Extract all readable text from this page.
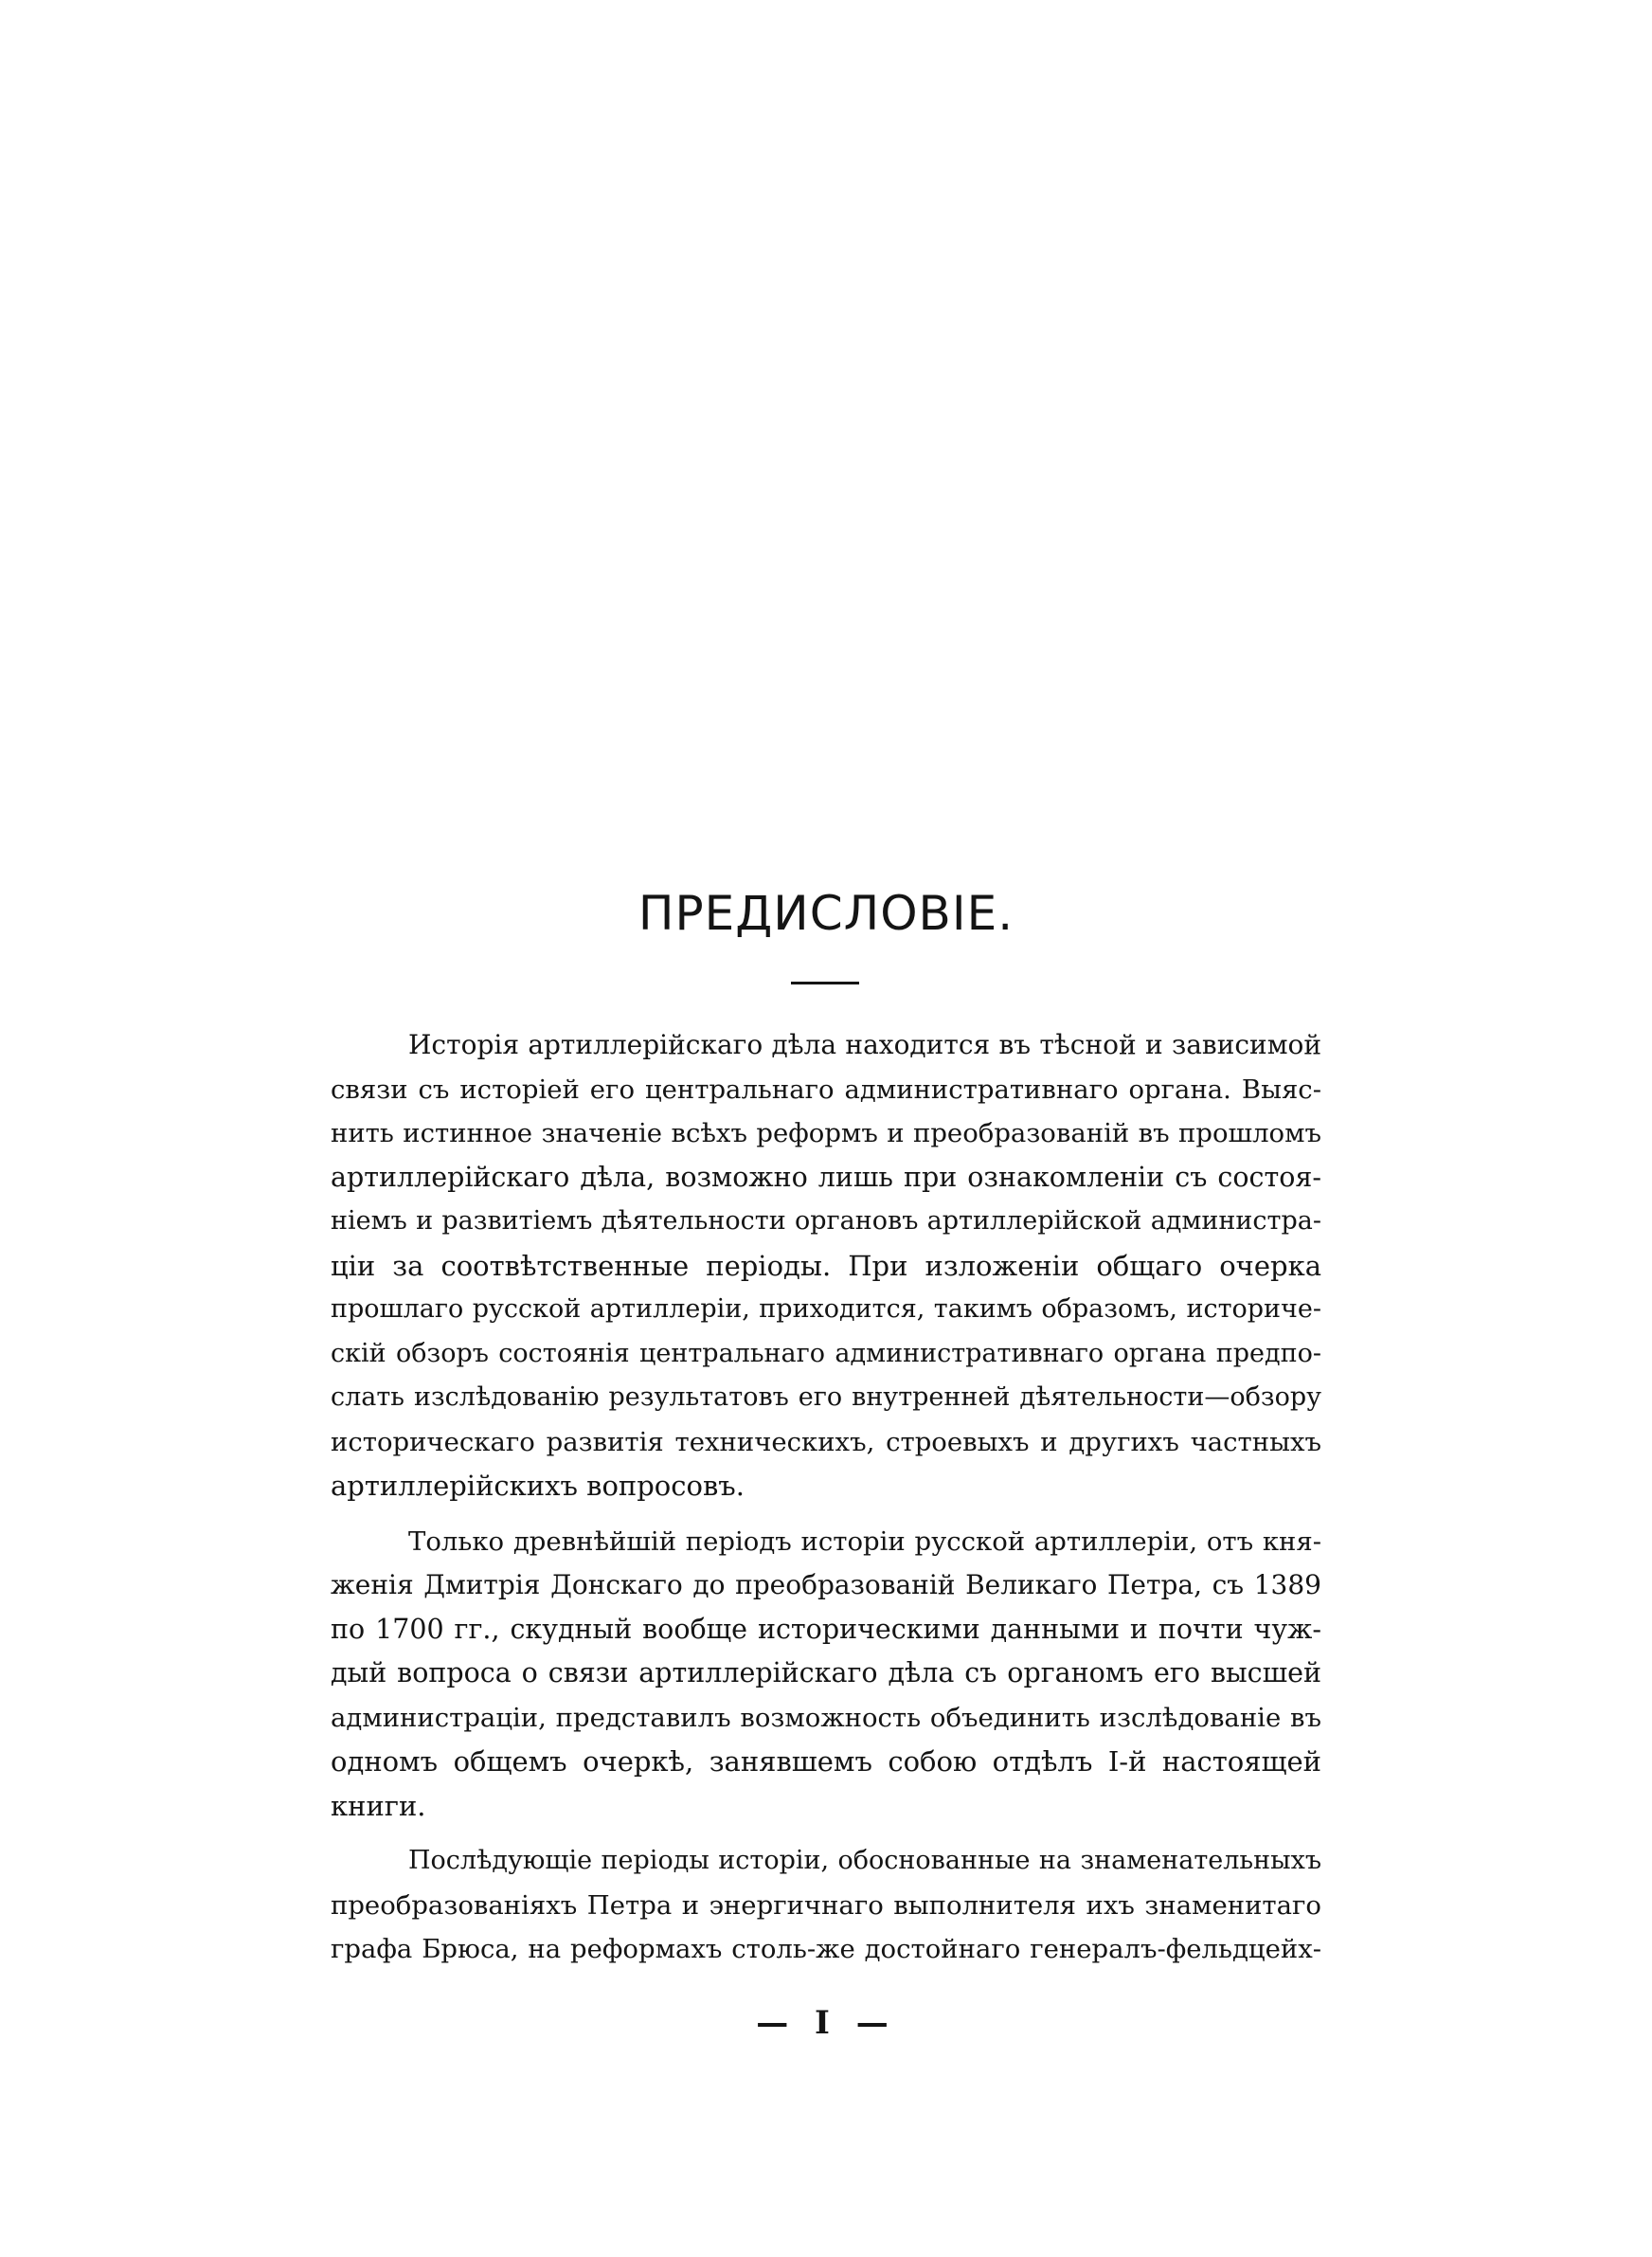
ПРЕДИСЛОВІЕ.

Исторія артиллерійскаго дѣла находится въ тѣсной и зависимой
связи съ исторіей его центральнаго административнаго органа. Выяс-
нить истинное значеніе всѣхъ реформъ и преобразованій въ прошломъ
артиллерійскаго дѣла, возможно лишь при ознакомленіи съ состоя-
ніемъ и развитіемъ дѣятельности органовъ артиллерійской администра-
ціи за соотвѣтственные періоды. При изложеніи общаго очерка
прошлаго русской артиллеріи, приходится, такимъ образомъ, историче-
скій обзоръ состоянія центральнаго административнаго органа предпо-
слать изслѣдованію результатовъ его внутренней дѣятельности—обзору
историческаго развитія техническихъ, строевыхъ и другихъ частныхъ
артиллерійскихъ вопросовъ.

Только древнѣйшій періодъ исторіи русской артиллеріи, отъ кня-
женія Дмитрія Донскаго до преобразованій Великаго Петра, съ 1389
по 1700 гг., скудный вообще историческими данными и почти чуж-
дый вопроса о связи артиллерійскаго дѣла съ органомъ его высшей
администраціи, представилъ возможность объединить изслѣдованіе въ
одномъ общемъ очеркѣ, занявшемъ собою отдѣлъ I-й настоящей
книги.

Послѣдующіе періоды исторіи, обоснованные на знаменательныхъ
преобразованіяхъ Петра и энергичнаго выполнителя ихъ знаменитаго
графа Брюса, на реформахъ столь-же достойнаго генералъ-фельдцейх-

— I —
